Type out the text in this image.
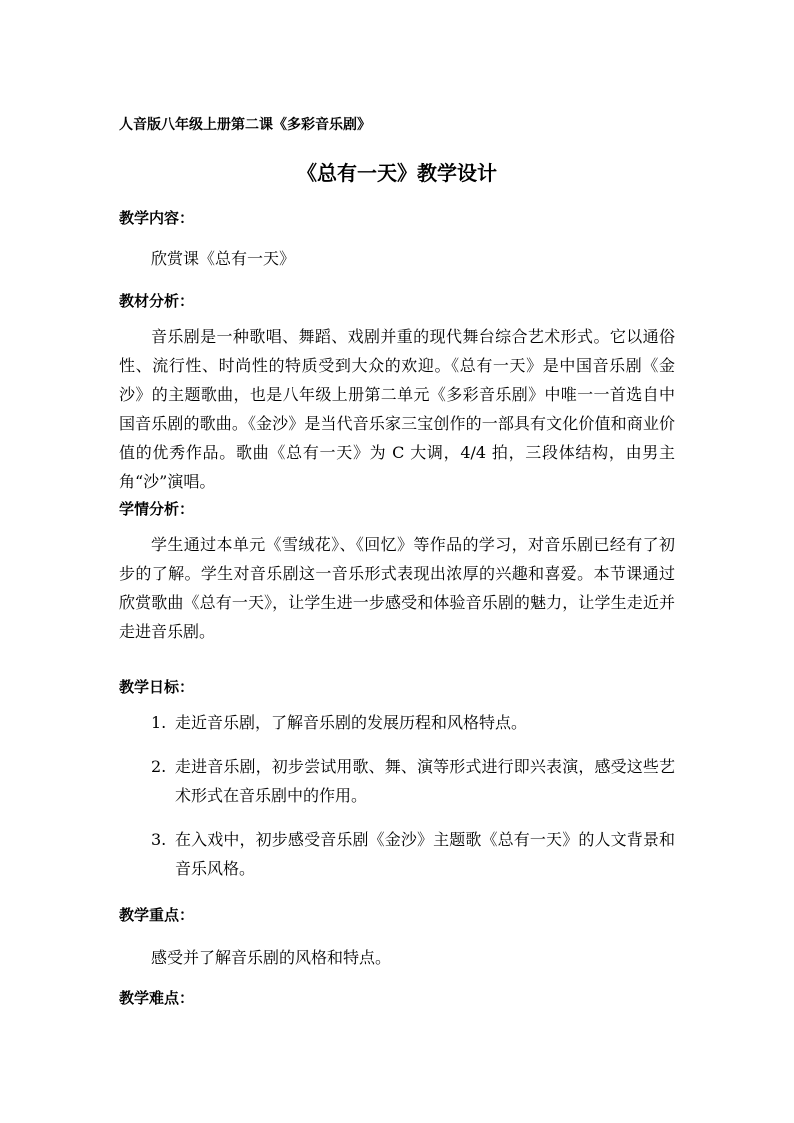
人音版八年级上册第二课《多彩音乐剧》
《总有一天》教学设计
教学内容：
欣赏课《总有一天》
教材分析：
音乐剧是一种歌唱、舞蹈、戏剧并重的现代舞台综合艺术形式。它以通俗性、流行性、时尚性的特质受到大众的欢迎。《总有一天》是中国音乐剧《金沙》的主题歌曲，也是八年级上册第二单元《多彩音乐剧》中唯一一首选自中国音乐剧的歌曲。《金沙》是当代音乐家三宝创作的一部具有文化价值和商业价值的优秀作品。歌曲《总有一天》为 C 大调，4/4 拍，三段体结构，由男主角“沙”演唱。
学情分析：
学生通过本单元《雪绒花》、《回忆》等作品的学习，对音乐剧已经有了初步的了解。学生对音乐剧这一音乐形式表现出浓厚的兴趣和喜爱。本节课通过欣赏歌曲《总有一天》，让学生进一步感受和体验音乐剧的魅力，让学生走近并走进音乐剧。
教学日标：
1. 走近音乐剧，了解音乐剧的发展历程和风格特点。
2. 走进音乐剧，初步尝试用歌、舞、演等形式进行即兴表演，感受这些艺术形式在音乐剧中的作用。
3. 在入戏中，初步感受音乐剧《金沙》主题歌《总有一天》的人文背景和音乐风格。
教学重点：
感受并了解音乐剧的风格和特点。
教学难点：
